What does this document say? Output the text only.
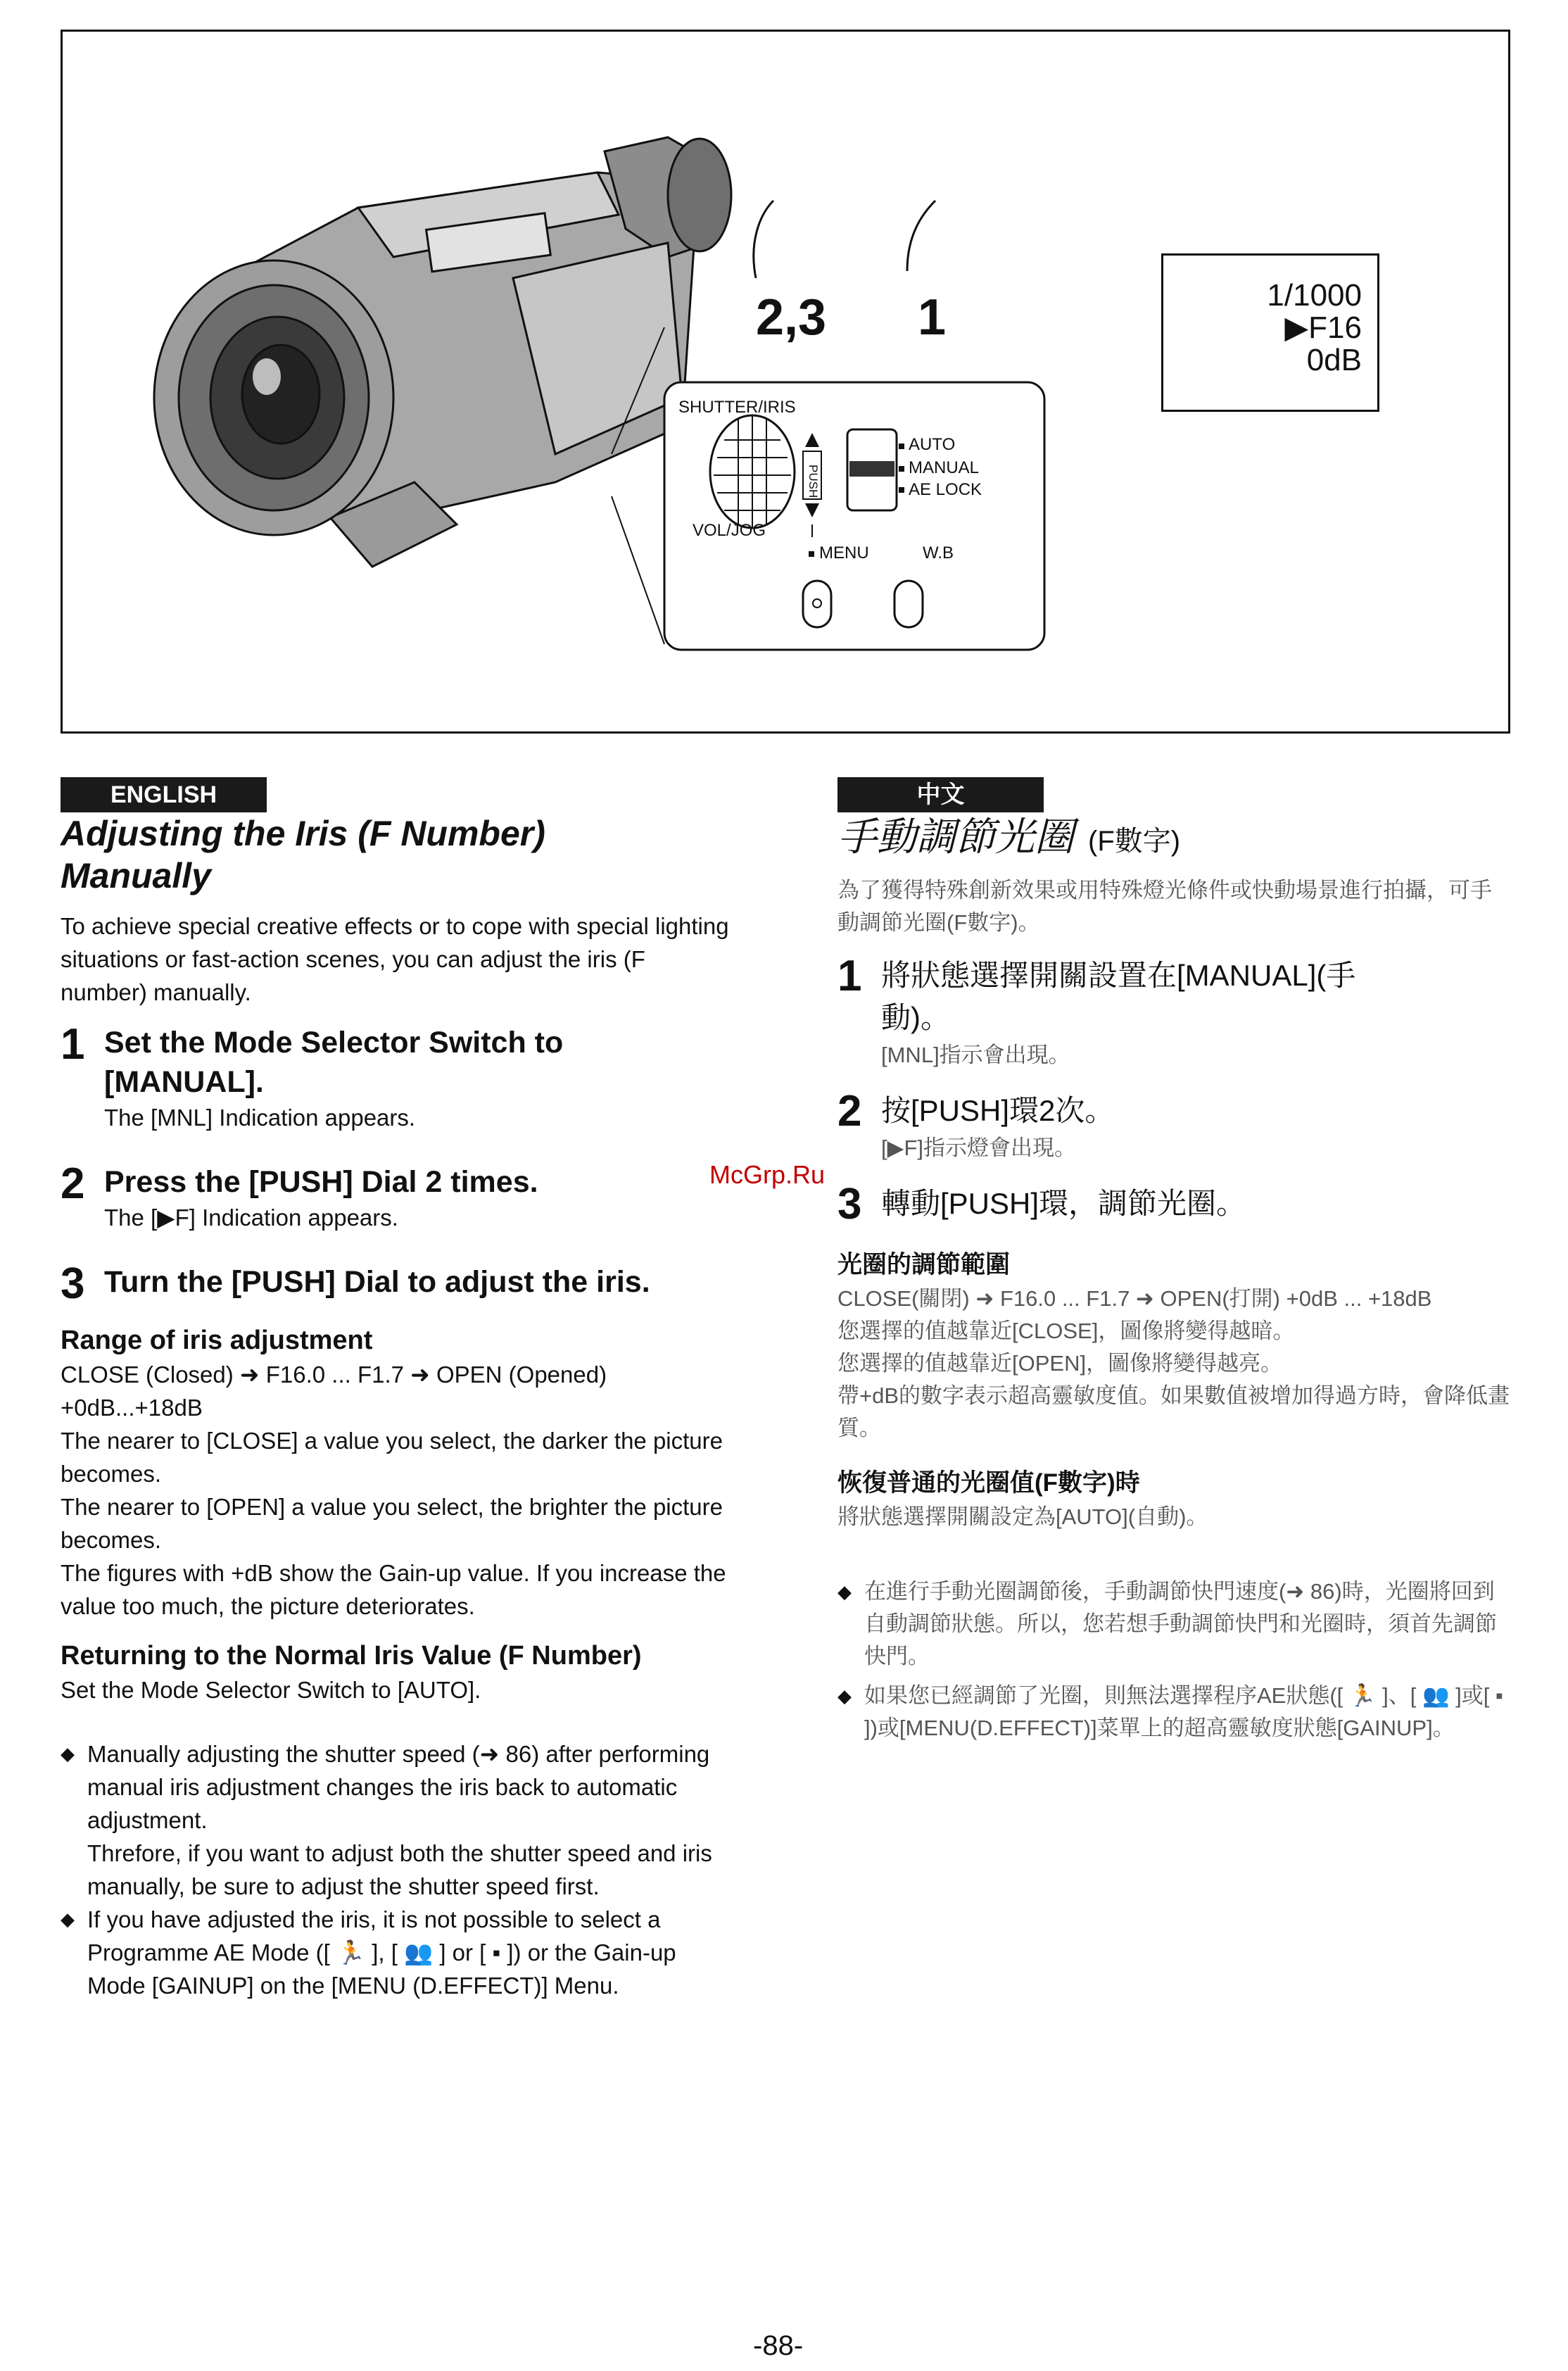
2,3 1
SHUTTER/IRIS
PUSH
VOL/JOG
MENU	W.B
AUTO
MANUAL
AE LOCK
1/1000
▶F16
0dB
ENGLISH
Adjusting the Iris (F Number)
Manually
To achieve special creative effects or to cope with special lighting situations or fast-action scenes, you can adjust the iris (F number) manually.
1 Set the Mode Selector Switch to
[MANUAL].
The [MNL] Indication appears.
2 Press the [PUSH] Dial 2 times.
The [▶F] Indication appears.
3 Turn the [PUSH] Dial to adjust the iris.
Range of iris adjustment
CLOSE (Closed) ➜ F16.0 ... F1.7 ➜ OPEN (Opened)
+0dB...+18dB
The nearer to [CLOSE] a value you select, the darker the picture becomes.
The nearer to [OPEN] a value you select, the brighter the picture becomes.
The figures with +dB show the Gain-up value. If you increase the value too much, the picture deteriorates.
Returning to the Normal Iris Value (F Number)
Set the Mode Selector Switch to [AUTO].
◆ Manually adjusting the shutter speed (➜ 86) after performing manual iris adjustment changes the iris back to automatic adjustment.
Threfore, if you want to adjust both the shutter speed and iris manually, be sure to adjust the shutter speed first.
◆ If you have adjusted the iris, it is not possible to select a Programme AE Mode ([ 🏃 ], [ 👥 ] or [ ▪ ]) or the Gain-up Mode [GAINUP] on the [MENU (D.EFFECT)] Menu.
中文
手動調節光圈 (F數字)
為了獲得特殊創新效果或用特殊燈光條件或快動場景進行拍攝，可手動調節光圈(F數字)。
1 將狀態選擇開關設置在[MANUAL](手
動)。
[MNL]指示會出現。
2 按[PUSH]環2次。
[▶F]指示燈會出現。
3 轉動[PUSH]環，調節光圈。
光圈的調節範圍
CLOSE(關閉) ➜ F16.0 ... F1.7 ➜ OPEN(打開) +0dB ... +18dB
您選擇的值越靠近[CLOSE]，圖像將變得越暗。
您選擇的值越靠近[OPEN]，圖像將變得越亮。
帶+dB的數字表示超高靈敏度值。如果數值被增加得過方時，會降低畫質。
恢復普通的光圈值(F數字)時
將狀態選擇開關設定為[AUTO](自動)。
◆ 在進行手動光圈調節後，手動調節快門速度(➜ 86)時，光圈將回到自動調節狀態。所以，您若想手動調節快門和光圈時，須首先調節快門。
◆ 如果您已經調節了光圈，則無法選擇程序AE狀態([ 🏃 ]、[ 👥 ]或[ ▪ ])或[MENU(D.EFFECT)]菜單上的超高靈敏度狀態[GAINUP]。
McGrp.Ru
-88-
